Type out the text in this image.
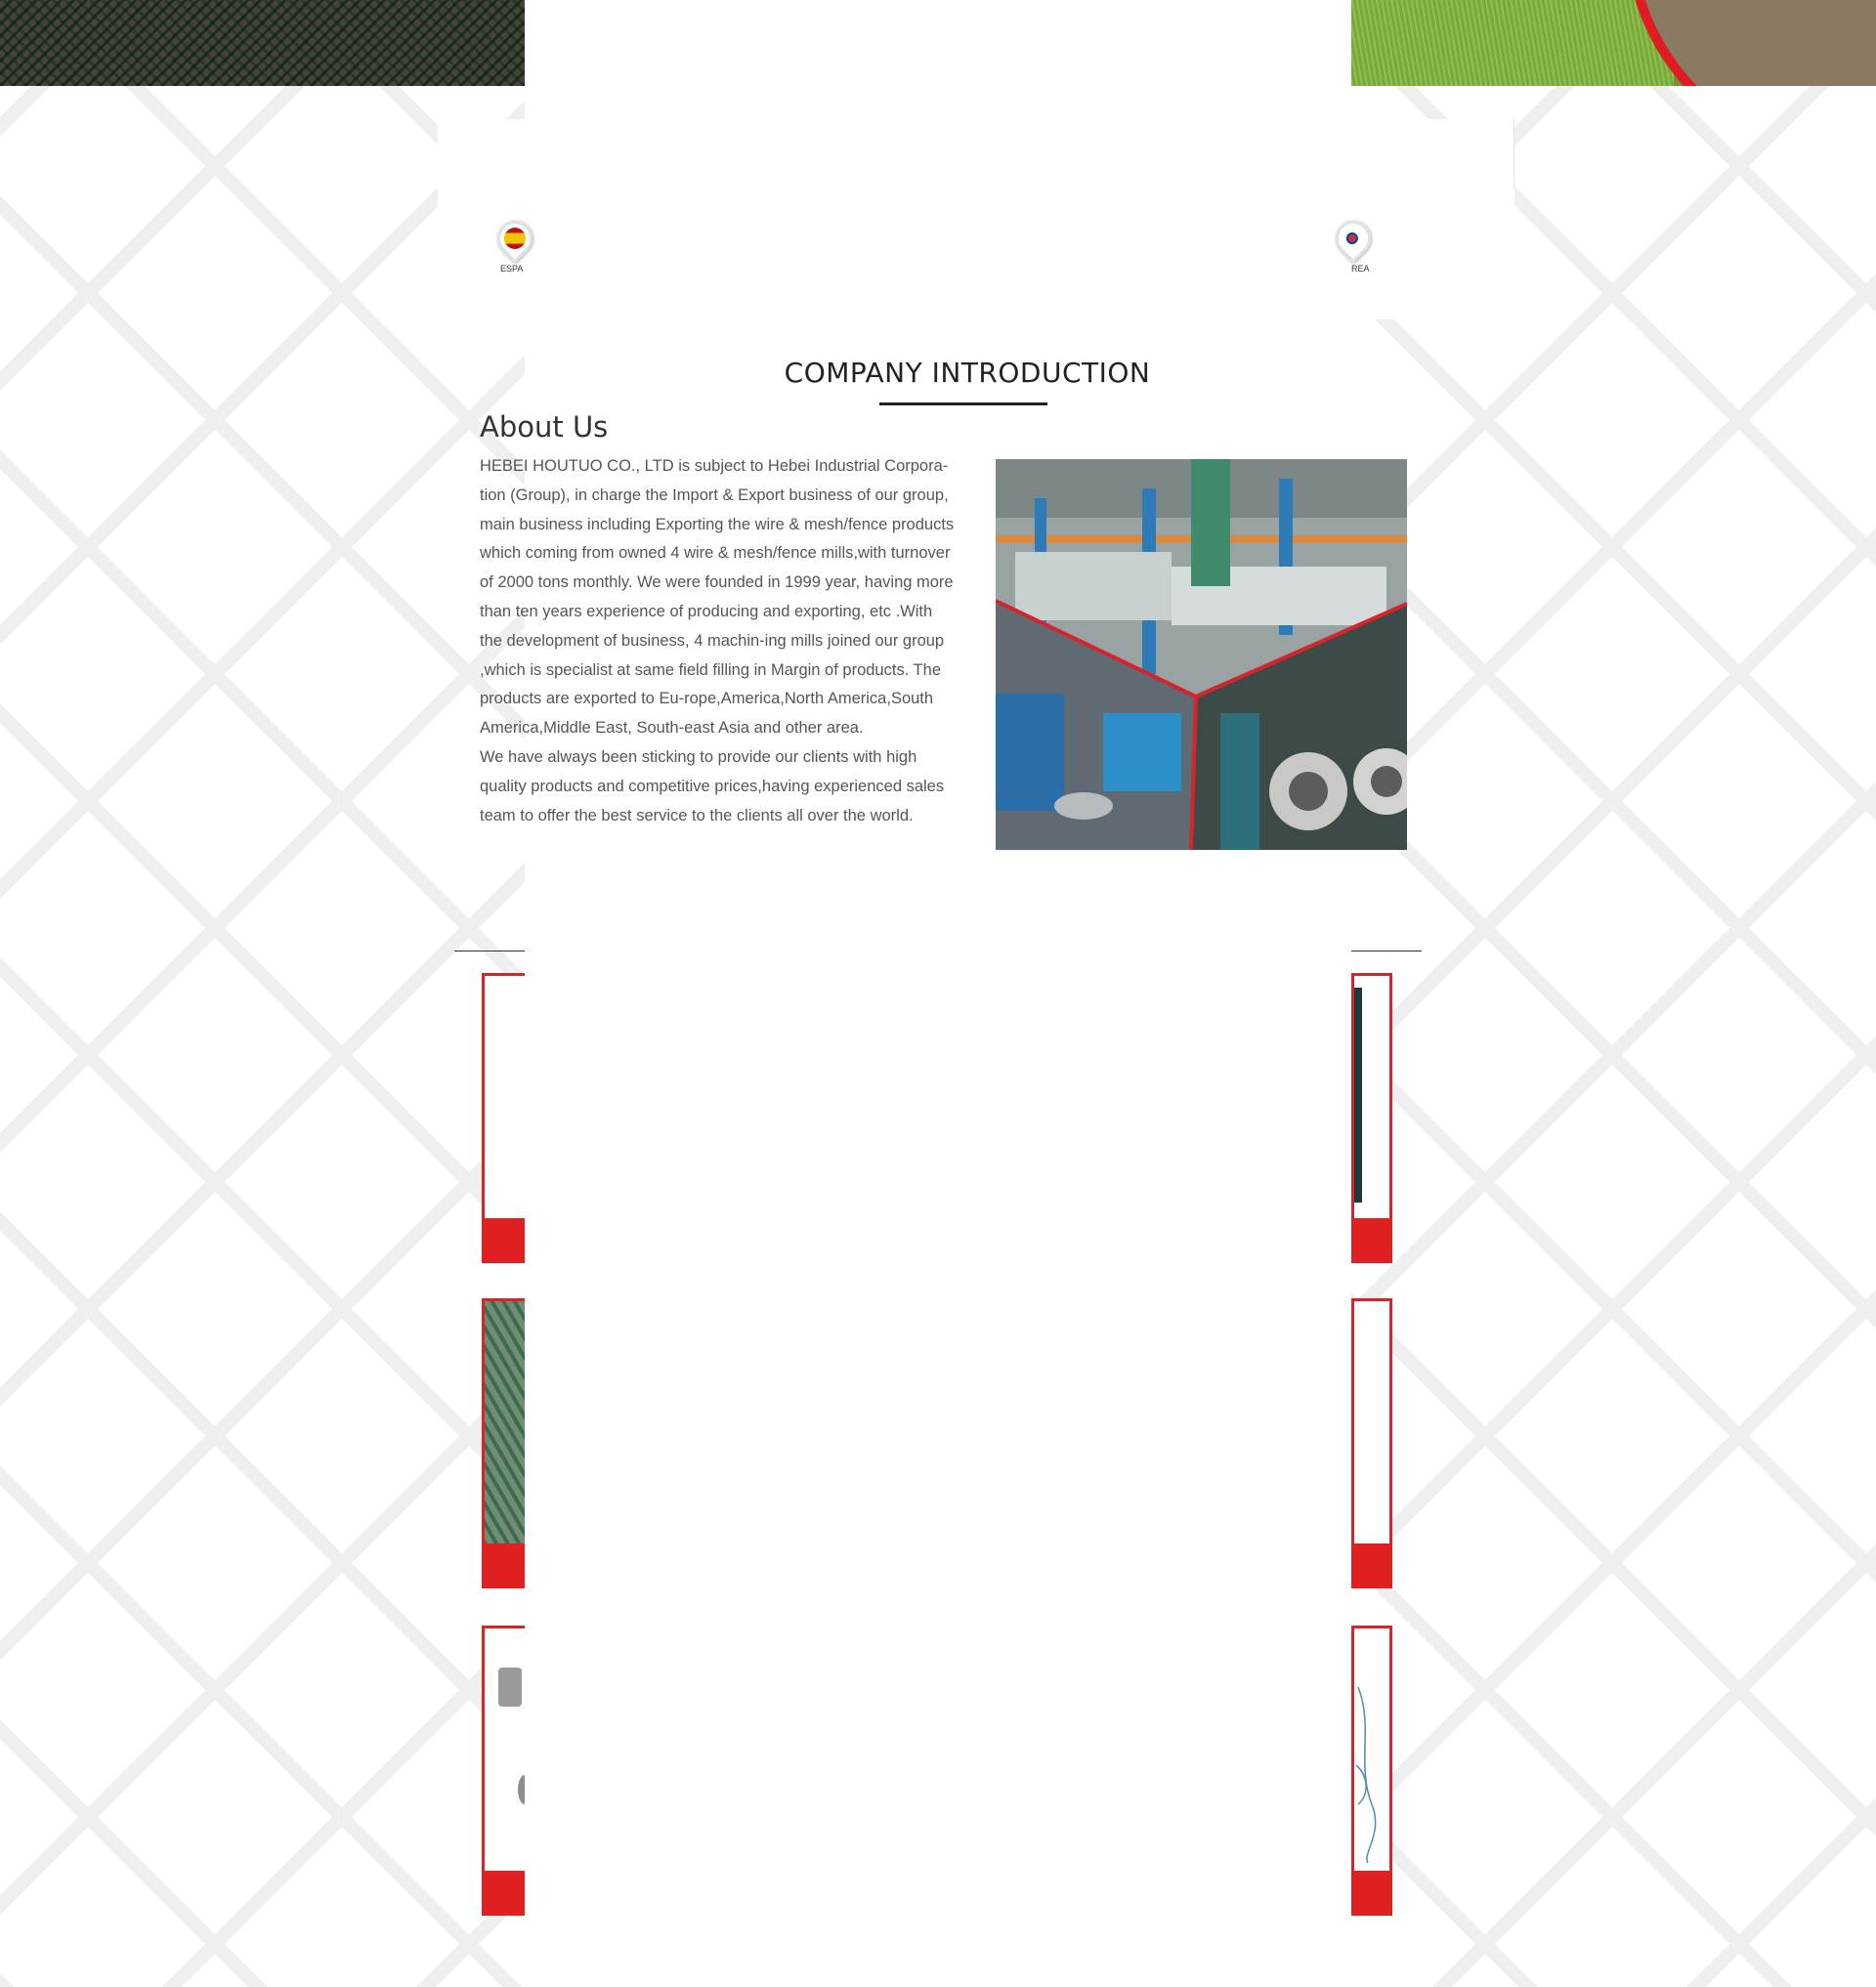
ESPA	REA
COMPANY INTRODUCTION
About Us

HEBEI HOUTUO CO., LTD is subject to Hebei Industrial Corpora-tion (Group), in charge the Import & Export business of our group, main business including Exporting the wire & mesh/fence products which coming from owned 4 wire & mesh/fence mills,with turnover of 2000 tons monthly. We were founded in 1999 year, having more than ten years experience of producing and exporting, etc .With the development of business, 4 machin-ing mills joined our group ,which is specialist at same field filling in Margin of products. The products are exported to Eu-rope,America,North America,South America,Middle East, South-east Asia and other area.

We have always been sticking to provide our clients with high quality products and competitive prices,having experienced sales team to offer the best service to the clients all over the world.
